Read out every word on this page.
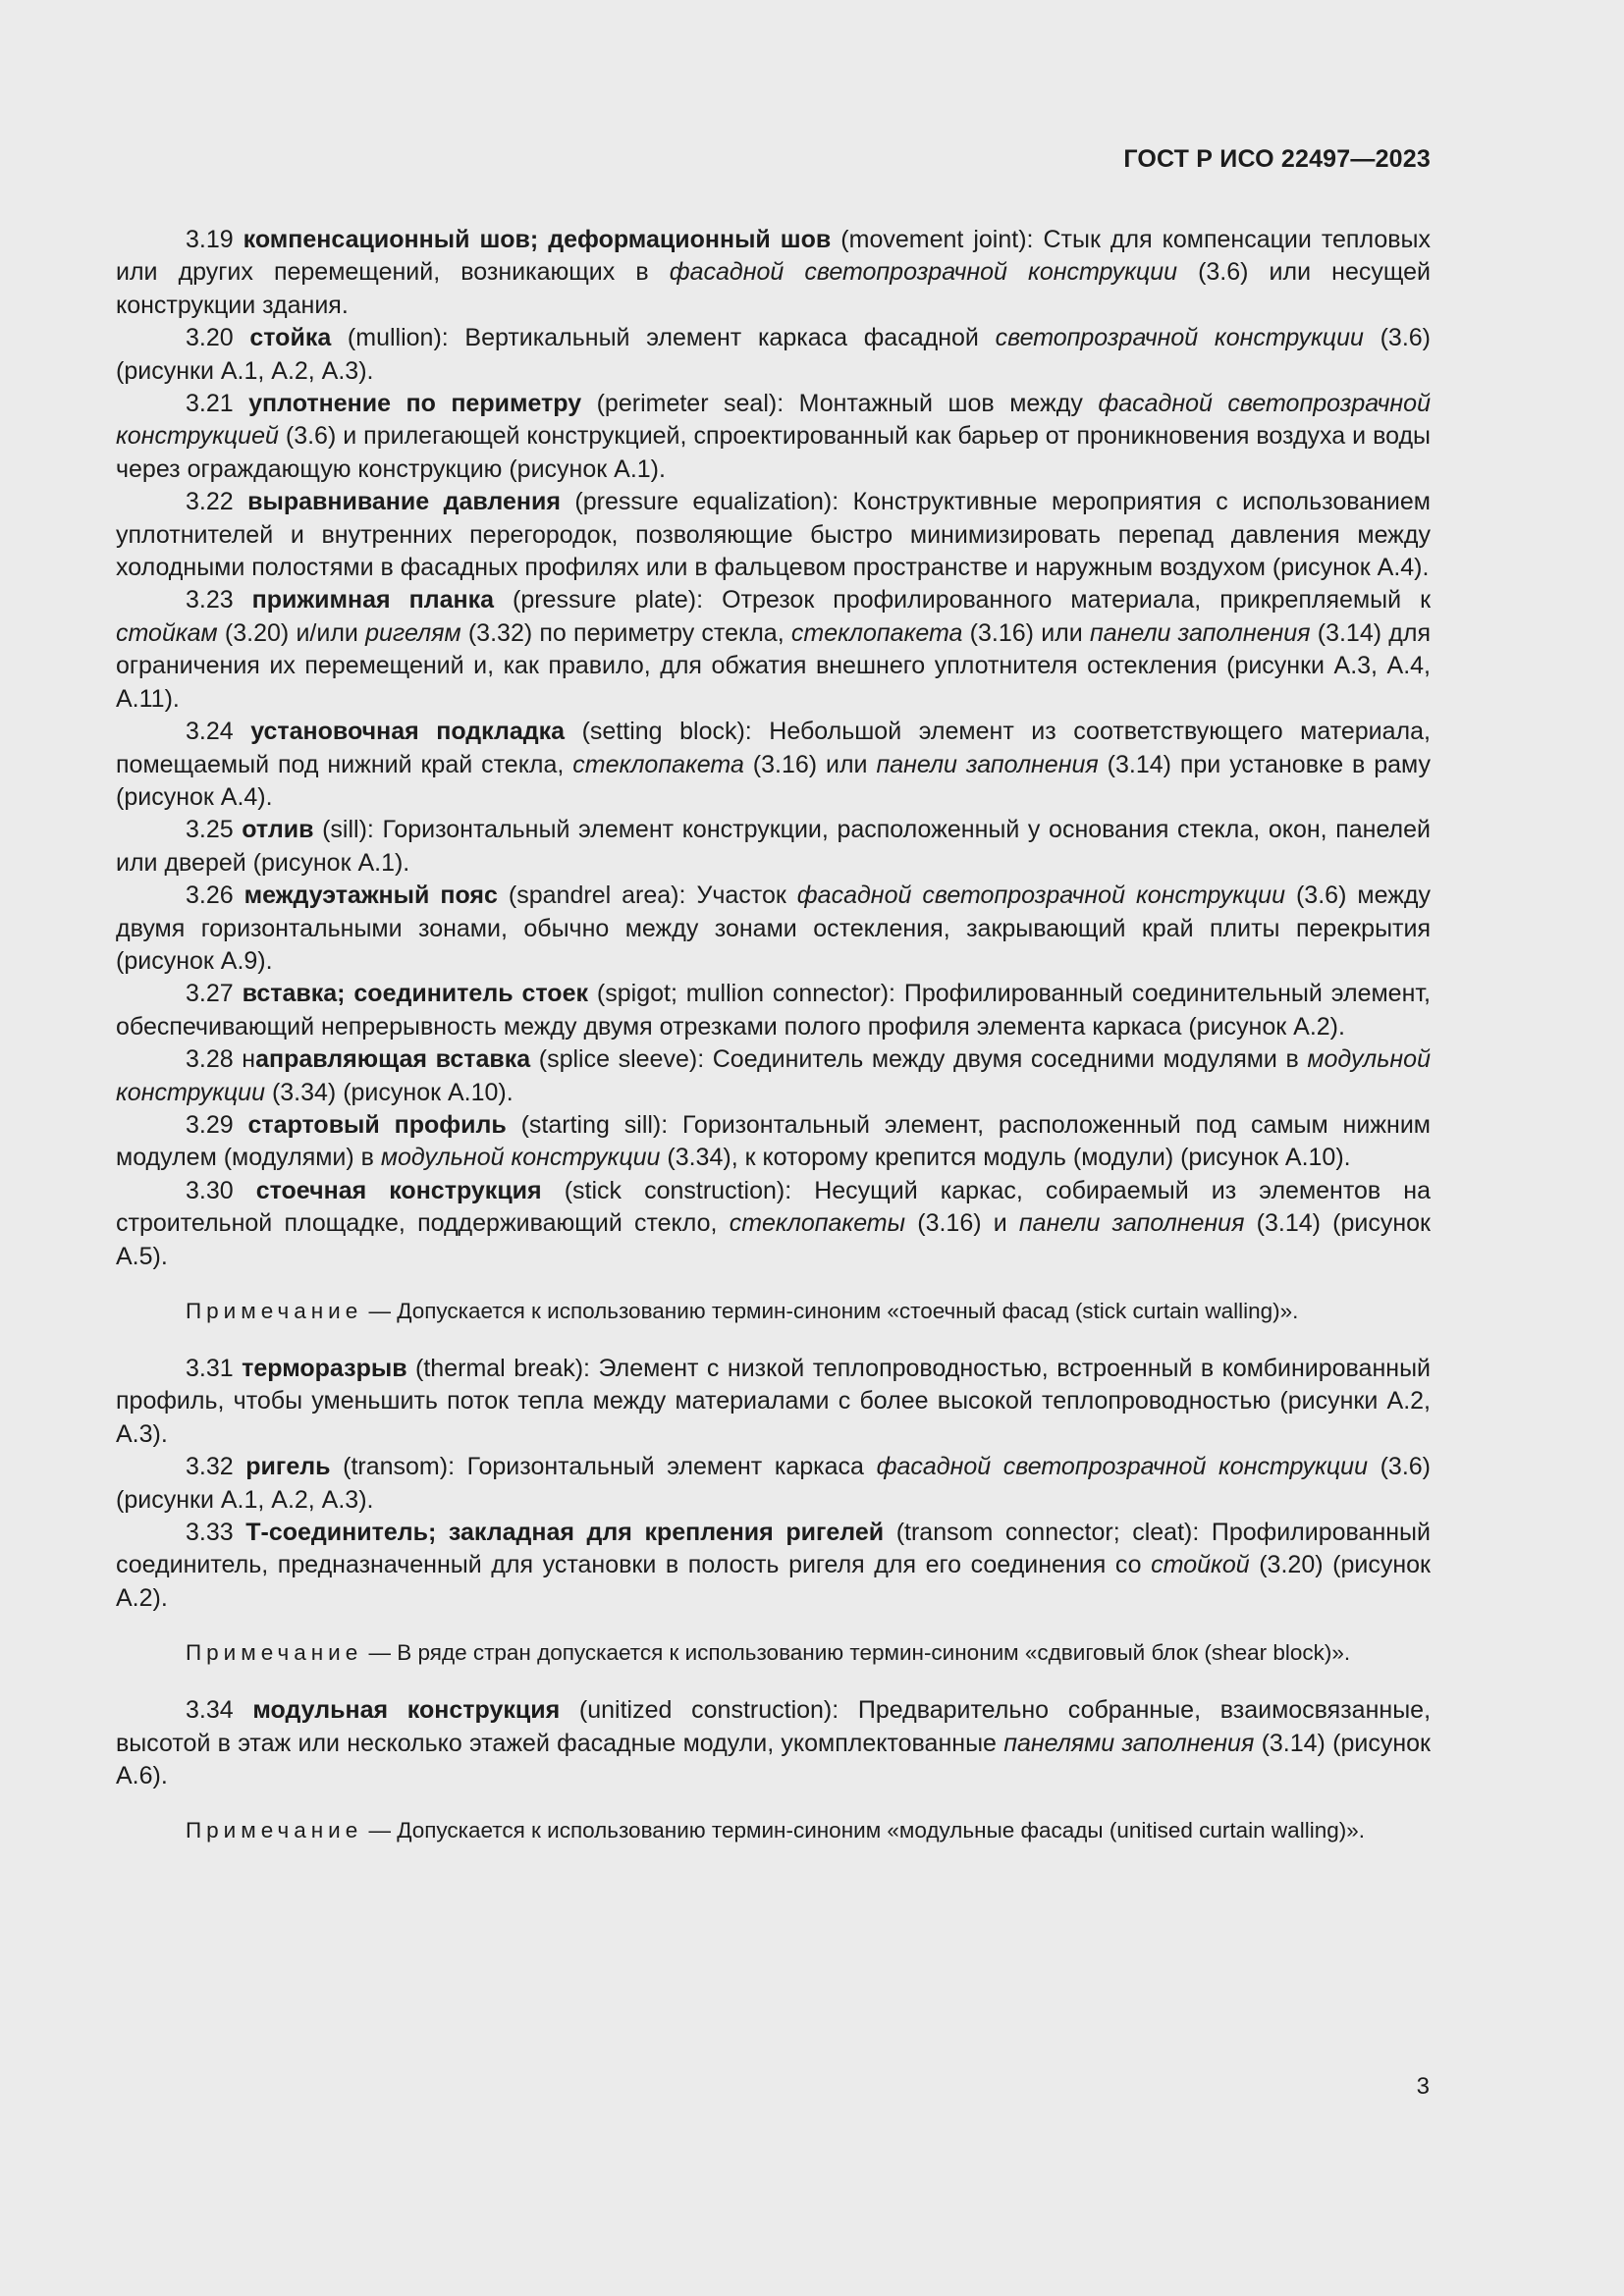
ГОСТ Р ИСО 22497—2023

3.19 компенсационный шов; деформационный шов (movement joint): Стык для компенсации тепловых или других перемещений, возникающих в фасадной светопрозрачной конструкции (3.6) или несущей конструкции здания.

3.20 стойка (mullion): Вертикальный элемент каркаса фасадной светопрозрачной конструкции (3.6) (рисунки А.1, А.2, А.3).

3.21 уплотнение по периметру (perimeter seal): Монтажный шов между фасадной светопрозрачной конструкцией (3.6) и прилегающей конструкцией, спроектированный как барьер от проникновения воздуха и воды через ограждающую конструкцию (рисунок А.1).

3.22 выравнивание давления (pressure equalization): Конструктивные мероприятия с использованием уплотнителей и внутренних перегородок, позволяющие быстро минимизировать перепад давления между холодными полостями в фасадных профилях или в фальцевом пространстве и наружным воздухом (рисунок А.4).

3.23 прижимная планка (pressure plate): Отрезок профилированного материала, прикрепляемый к стойкам (3.20) и/или ригелям (3.32) по периметру стекла, стеклопакета (3.16) или панели заполнения (3.14) для ограничения их перемещений и, как правило, для обжатия внешнего уплотнителя остекления (рисунки А.3, А.4, А.11).

3.24 установочная подкладка (setting block): Небольшой элемент из соответствующего материала, помещаемый под нижний край стекла, стеклопакета (3.16) или панели заполнения (3.14) при установке в раму (рисунок А.4).

3.25 отлив (sill): Горизонтальный элемент конструкции, расположенный у основания стекла, окон, панелей или дверей (рисунок А.1).

3.26 междуэтажный пояс (spandrel area): Участок фасадной светопрозрачной конструкции (3.6) между двумя горизонтальными зонами, обычно между зонами остекления, закрывающий край плиты перекрытия (рисунок А.9).

3.27 вставка; соединитель стоек (spigot; mullion connector): Профилированный соединительный элемент, обеспечивающий непрерывность между двумя отрезками полого профиля элемента каркаса (рисунок А.2).

3.28 направляющая вставка (splice sleeve): Соединитель между двумя соседними модулями в модульной конструкции (3.34) (рисунок А.10).

3.29 стартовый профиль (starting sill): Горизонтальный элемент, расположенный под самым нижним модулем (модулями) в модульной конструкции (3.34), к которому крепится модуль (модули) (рисунок А.10).

3.30 стоечная конструкция (stick construction): Несущий каркас, собираемый из элементов на строительной площадке, поддерживающий стекло, стеклопакеты (3.16) и панели заполнения (3.14) (рисунок А.5).

Примечание — Допускается к использованию термин-синоним «стоечный фасад (stick curtain walling)».

3.31 терморазрыв (thermal break): Элемент с низкой теплопроводностью, встроенный в комбинированный профиль, чтобы уменьшить поток тепла между материалами с более высокой теплопроводностью (рисунки А.2, А.3).

3.32 ригель (transom): Горизонтальный элемент каркаса фасадной светопрозрачной конструкции (3.6) (рисунки А.1, А.2, А.3).

3.33 Т-соединитель; закладная для крепления ригелей (transom connector; cleat): Профилированный соединитель, предназначенный для установки в полость ригеля для его соединения со стойкой (3.20) (рисунок А.2).

Примечание — В ряде стран допускается к использованию термин-синоним «сдвиговый блок (shear block)».

3.34 модульная конструкция (unitized construction): Предварительно собранные, взаимосвязанные, высотой в этаж или несколько этажей фасадные модули, укомплектованные панелями заполнения (3.14) (рисунок А.6).

Примечание — Допускается к использованию термин-синоним «модульные фасады (unitised curtain walling)».

3
